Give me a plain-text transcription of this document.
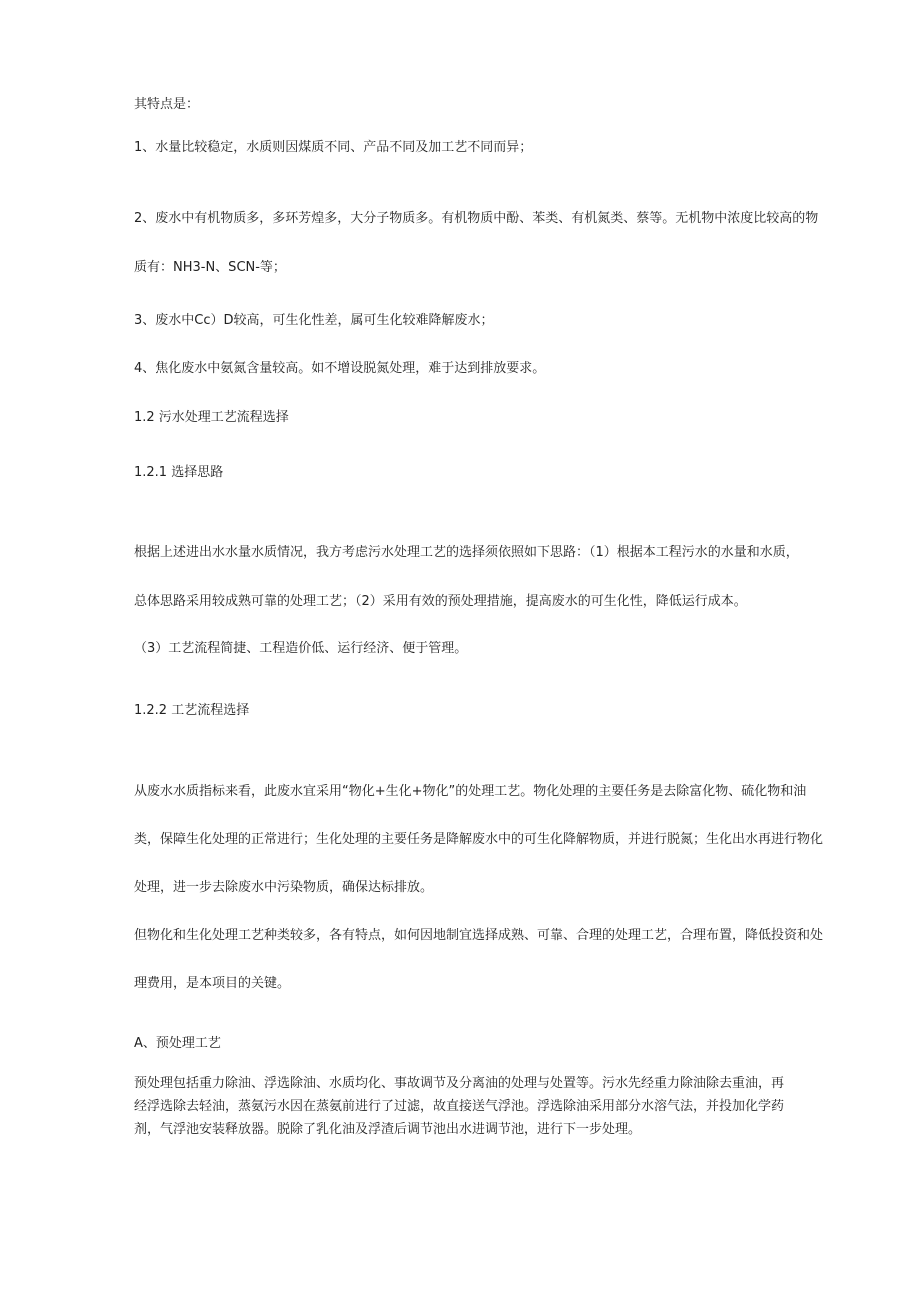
其特点是：
1、水量比较稳定，水质则因煤质不同、产品不同及加工艺不同而异；
2、废水中有机物质多，多环芳煌多，大分子物质多。有机物质中酚、苯类、有机氮类、蔡等。无机物中浓度比较高的物
质有：NH3-N、SCN-等；
3、废水中Cc）D较高，可生化性差，属可生化较难降解废水；
4、焦化废水中氨氮含量较高。如不增设脱氮处理，难于达到排放要求。
1.2 污水处理工艺流程选择
1.2.1 选择思路
根据上述进出水水量水质情况，我方考虑污水处理工艺的选择须依照如下思路：（1）根据本工程污水的水量和水质，
总体思路采用较成熟可靠的处理工艺；（2）采用有效的预处理措施，提高废水的可生化性，降低运行成本。
（3）工艺流程简捷、工程造价低、运行经济、便于管理。
1.2.2 工艺流程选择
从废水水质指标来看，此废水宜采用“物化+生化+物化”的处理工艺。物化处理的主要任务是去除富化物、硫化物和油
类，保障生化处理的正常进行；生化处理的主要任务是降解废水中的可生化降解物质，并进行脱氮；生化出水再进行物化
处理，进一步去除废水中污染物质，确保达标排放。
但物化和生化处理工艺种类较多，各有特点，如何因地制宜选择成熟、可靠、合理的处理工艺，合理布置，降低投资和处
理费用，是本项目的关键。
A、预处理工艺
预处理包括重力除油、浮选除油、水质均化、事故调节及分离油的处理与处置等。污水先经重力除油除去重油，再经浮选除去轻油，蒸氨污水因在蒸氨前进行了过滤，故直接送气浮池。浮选除油采用部分水溶气法，并投加化学药剂，气浮池安装释放器。脱除了乳化油及浮渣后调节池出水进调节池，进行下一步处理。
